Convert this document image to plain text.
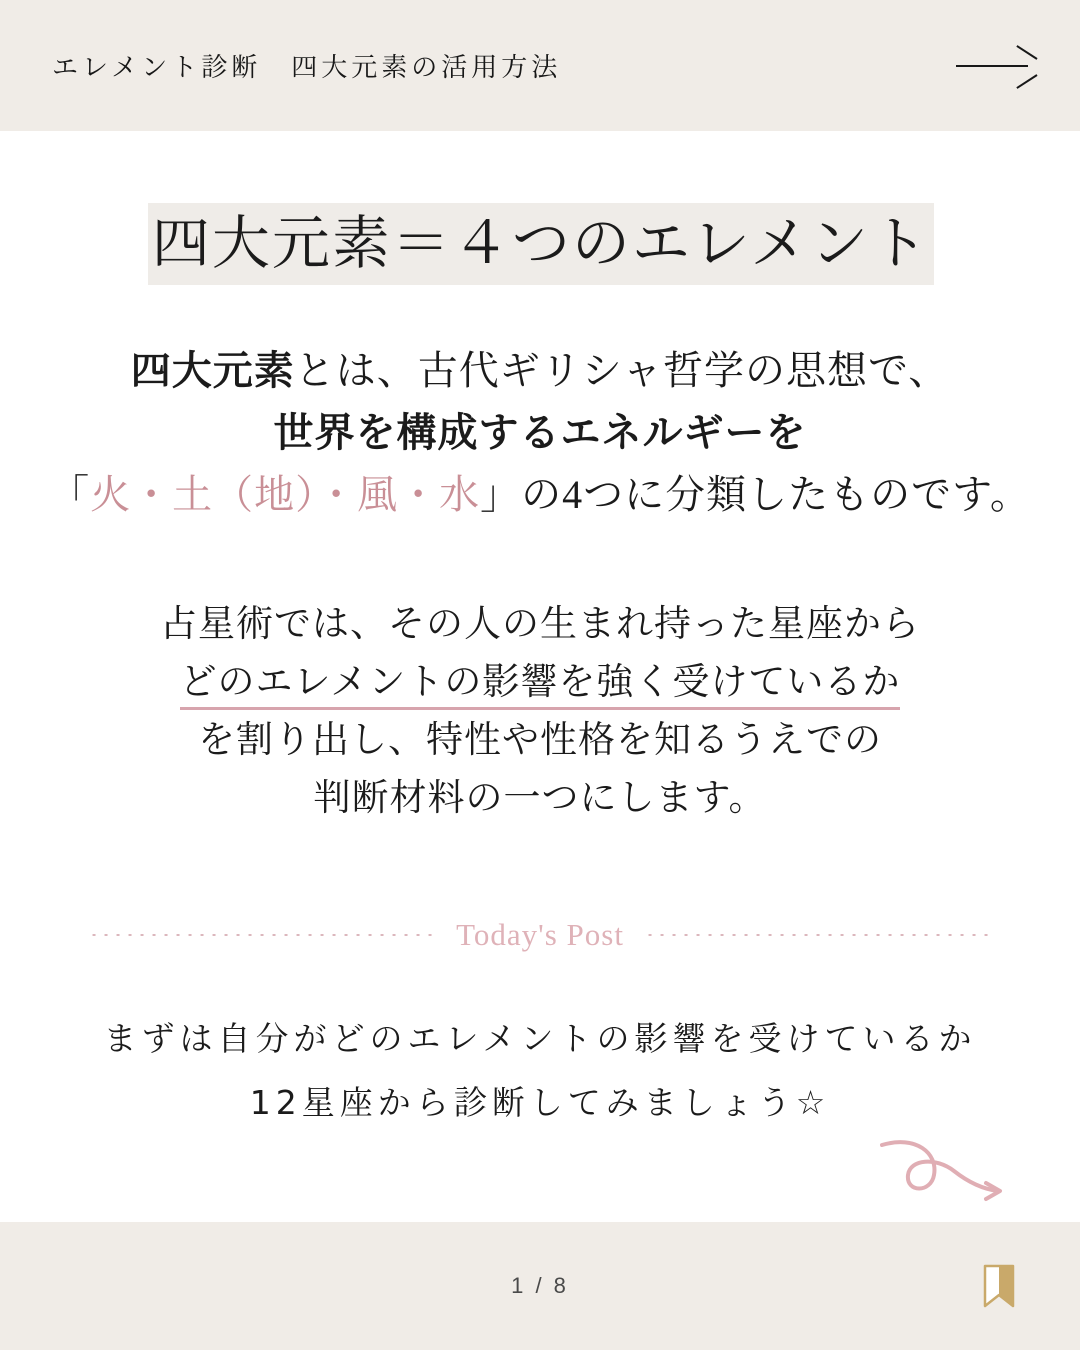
エレメント診断　四大元素の活用方法
四大元素＝４つのエレメント
四大元素とは、古代ギリシャ哲学の思想で、
世界を構成するエネルギーを
「火・土（地）・風・水」の4つに分類したものです。
占星術では、その人の生まれ持った星座から
どのエレメントの影響を強く受けているか
を割り出し、特性や性格を知るうえでの
判断材料の一つにします。
Today's Post
まずは自分がどのエレメントの影響を受けているか
12星座から診断してみましょう☆
1 / 8
